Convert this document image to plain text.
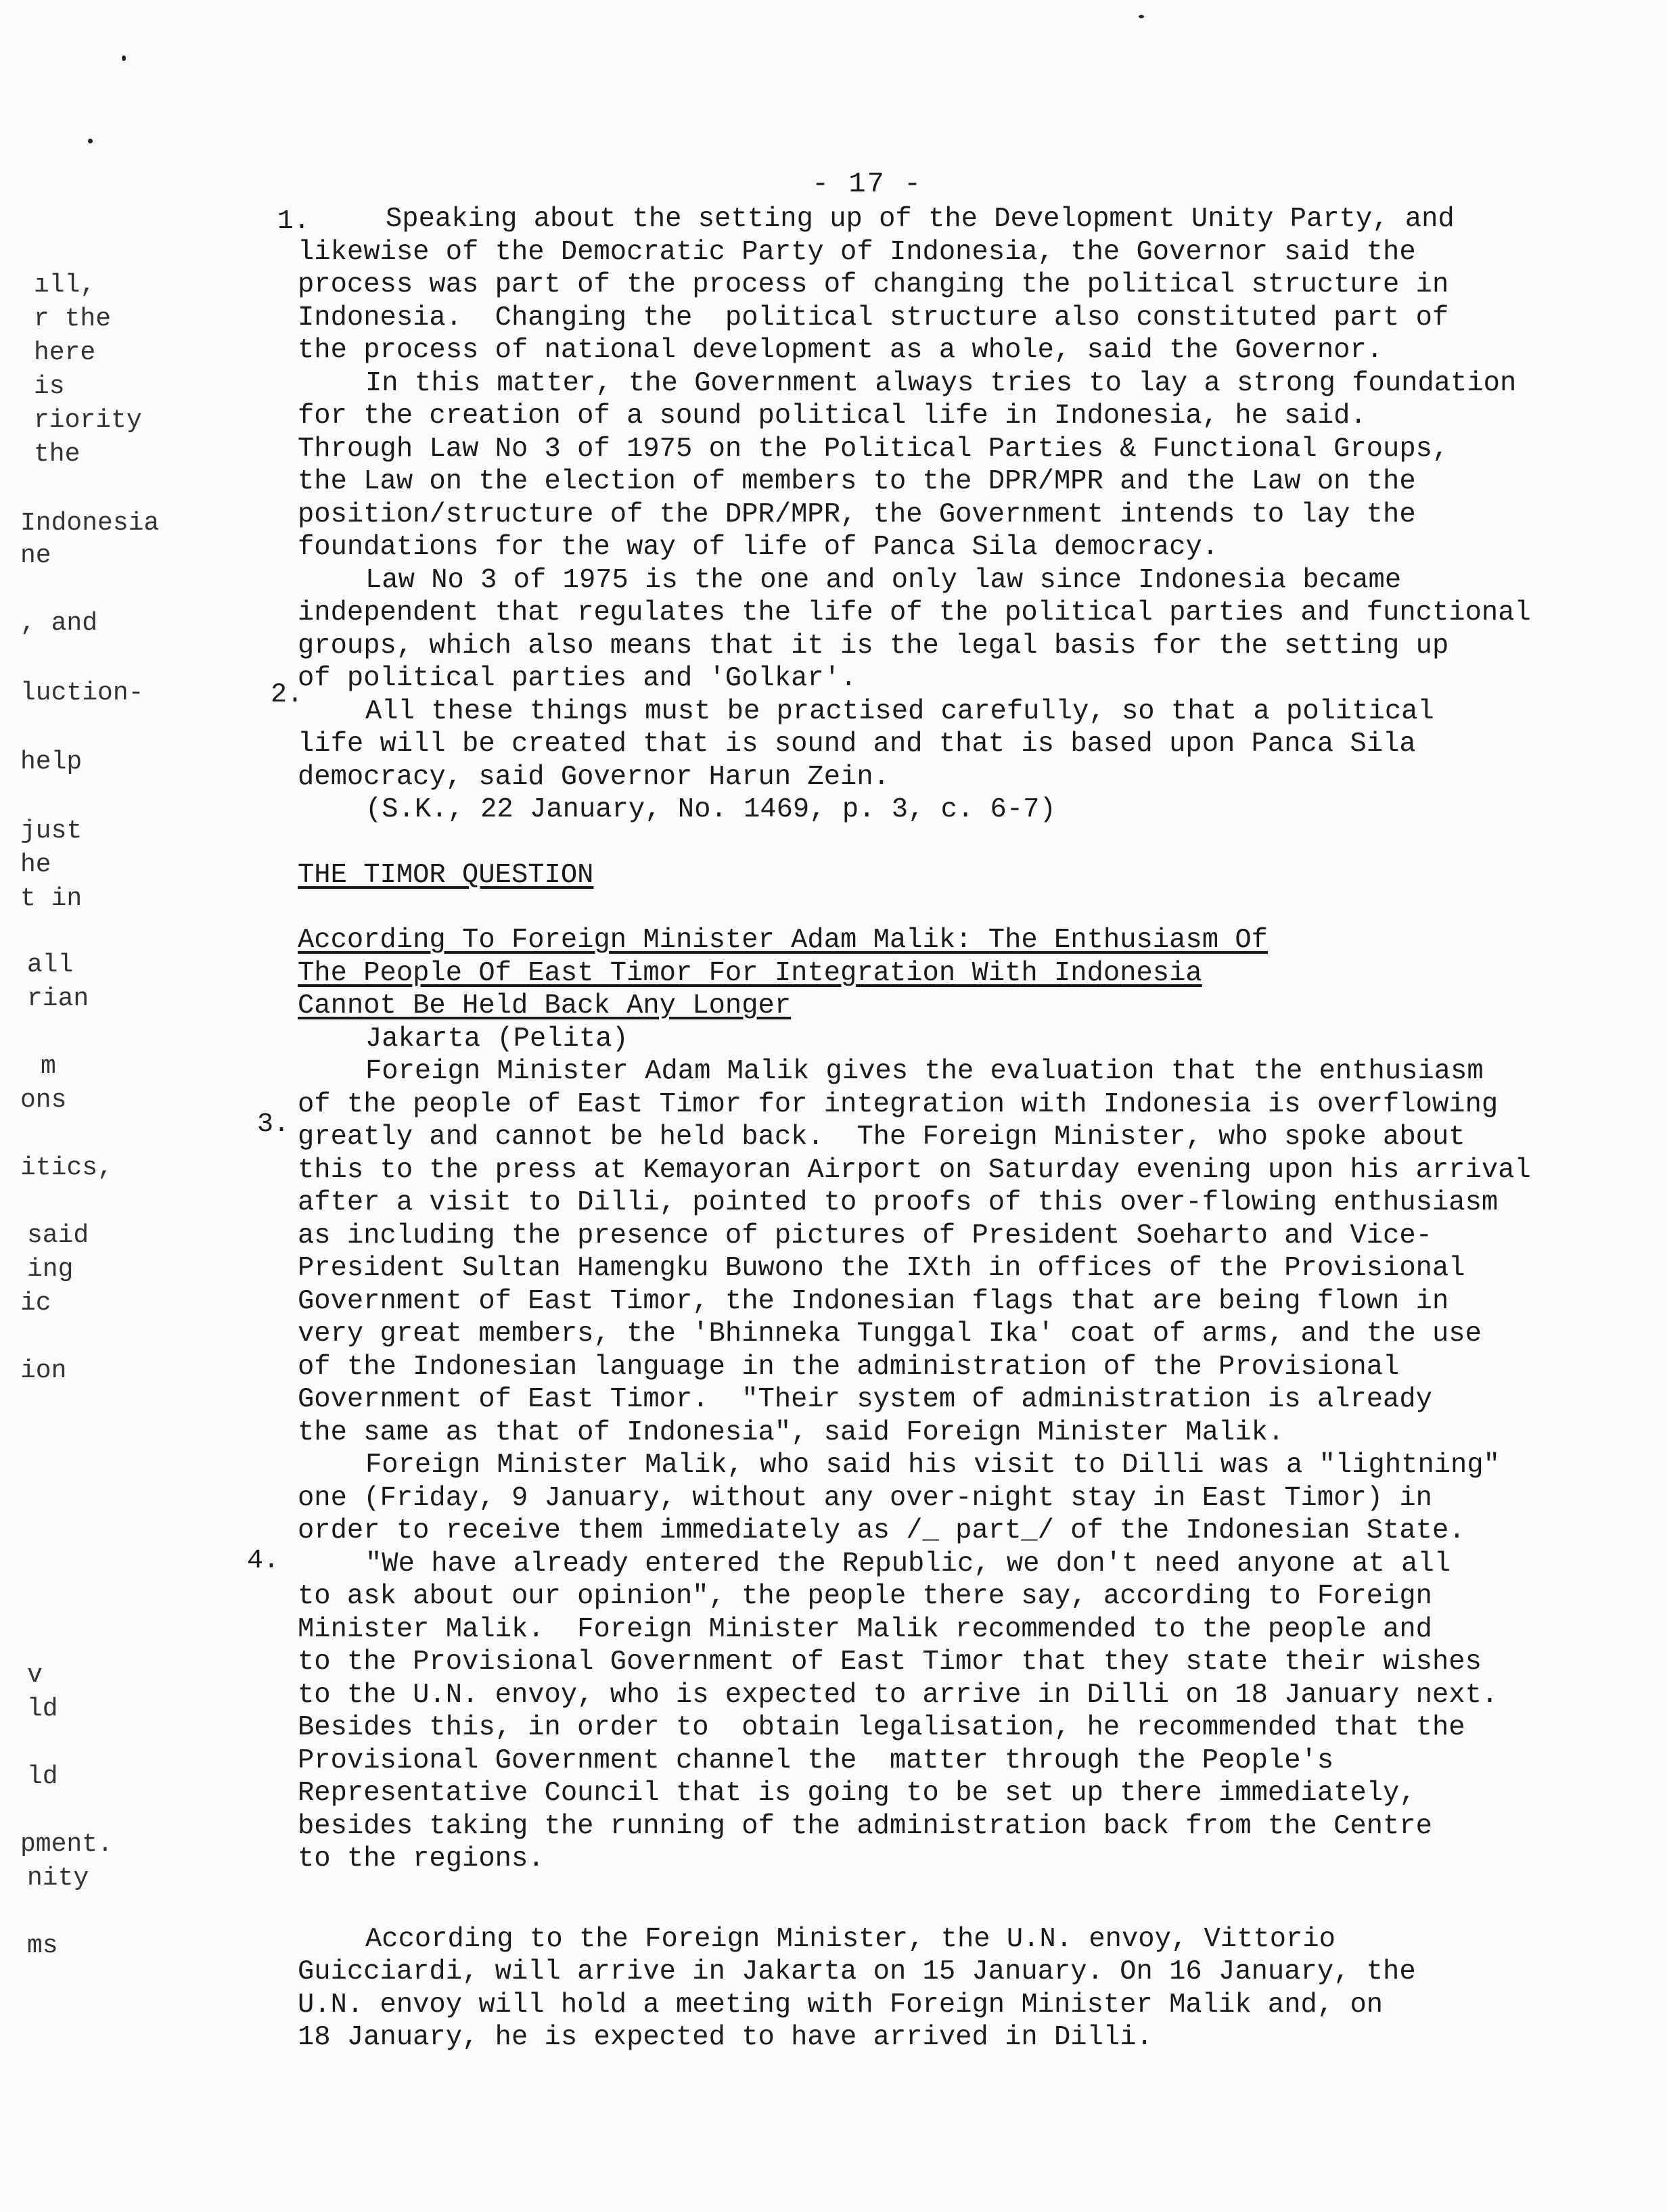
- 17 -
ıll,
r the
here
is
riority
the
Indonesia
ne
, and
luction-
help
just
he
t in
all
rian
m
ons
itics,
said
ing
ic
ion
v
ld
ld
pment.
nity
ms
1.
2.
3.
4.
Speaking about the setting up of the Development Unity Party, and
likewise of the Democratic Party of Indonesia, the Governor said the
process was part of the process of changing the political structure in
Indonesia.  Changing the  political structure also constituted part of
the process of national development as a whole, said the Governor.
In this matter, the Government always tries to lay a strong foundation
for the creation of a sound political life in Indonesia, he said.
Through Law No 3 of 1975 on the Political Parties & Functional Groups,
the Law on the election of members to the DPR/MPR and the Law on the
position/structure of the DPR/MPR, the Government intends to lay the
foundations for the way of life of Panca Sila democracy.
Law No 3 of 1975 is the one and only law since Indonesia became
independent that regulates the life of the political parties and functional
groups, which also means that it is the legal basis for the setting up
of political parties and 'Golkar'.
All these things must be practised carefully, so that a political
life will be created that is sound and that is based upon Panca Sila
democracy, said Governor Harun Zein.
(S.K., 22 January, No. 1469, p. 3, c. 6-7)
THE TIMOR QUESTION
According To Foreign Minister Adam Malik: The Enthusiasm Of
The People Of East Timor For Integration With Indonesia
Cannot Be Held Back Any Longer
Jakarta (Pelita)
Foreign Minister Adam Malik gives the evaluation that the enthusiasm
of the people of East Timor for integration with Indonesia is overflowing
greatly and cannot be held back.  The Foreign Minister, who spoke about
this to the press at Kemayoran Airport on Saturday evening upon his arrival
after a visit to Dilli, pointed to proofs of this over-flowing enthusiasm
as including the presence of pictures of President Soeharto and Vice-
President Sultan Hamengku Buwono the IXth in offices of the Provisional
Government of East Timor, the Indonesian flags that are being flown in
very great members, the 'Bhinneka Tunggal Ika' coat of arms, and the use
of the Indonesian language in the administration of the Provisional
Government of East Timor.  "Their system of administration is already
the same as that of Indonesia", said Foreign Minister Malik.
Foreign Minister Malik, who said his visit to Dilli was a "lightning"
one (Friday, 9 January, without any over-night stay in East Timor) in
order to receive them immediately as /_ part_/ of the Indonesian State.
"We have already entered the Republic, we don't need anyone at all
to ask about our opinion", the people there say, according to Foreign
Minister Malik.  Foreign Minister Malik recommended to the people and
to the Provisional Government of East Timor that they state their wishes
to the U.N. envoy, who is expected to arrive in Dilli on 18 January next.
Besides this, in order to  obtain legalisation, he recommended that the
Provisional Government channel the  matter through the People's
Representative Council that is going to be set up there immediately,
besides taking the running of the administration back from the Centre
to the regions.
According to the Foreign Minister, the U.N. envoy, Vittorio
Guicciardi, will arrive in Jakarta on 15 January. On 16 January, the
U.N. envoy will hold a meeting with Foreign Minister Malik and, on
18 January, he is expected to have arrived in Dilli.
